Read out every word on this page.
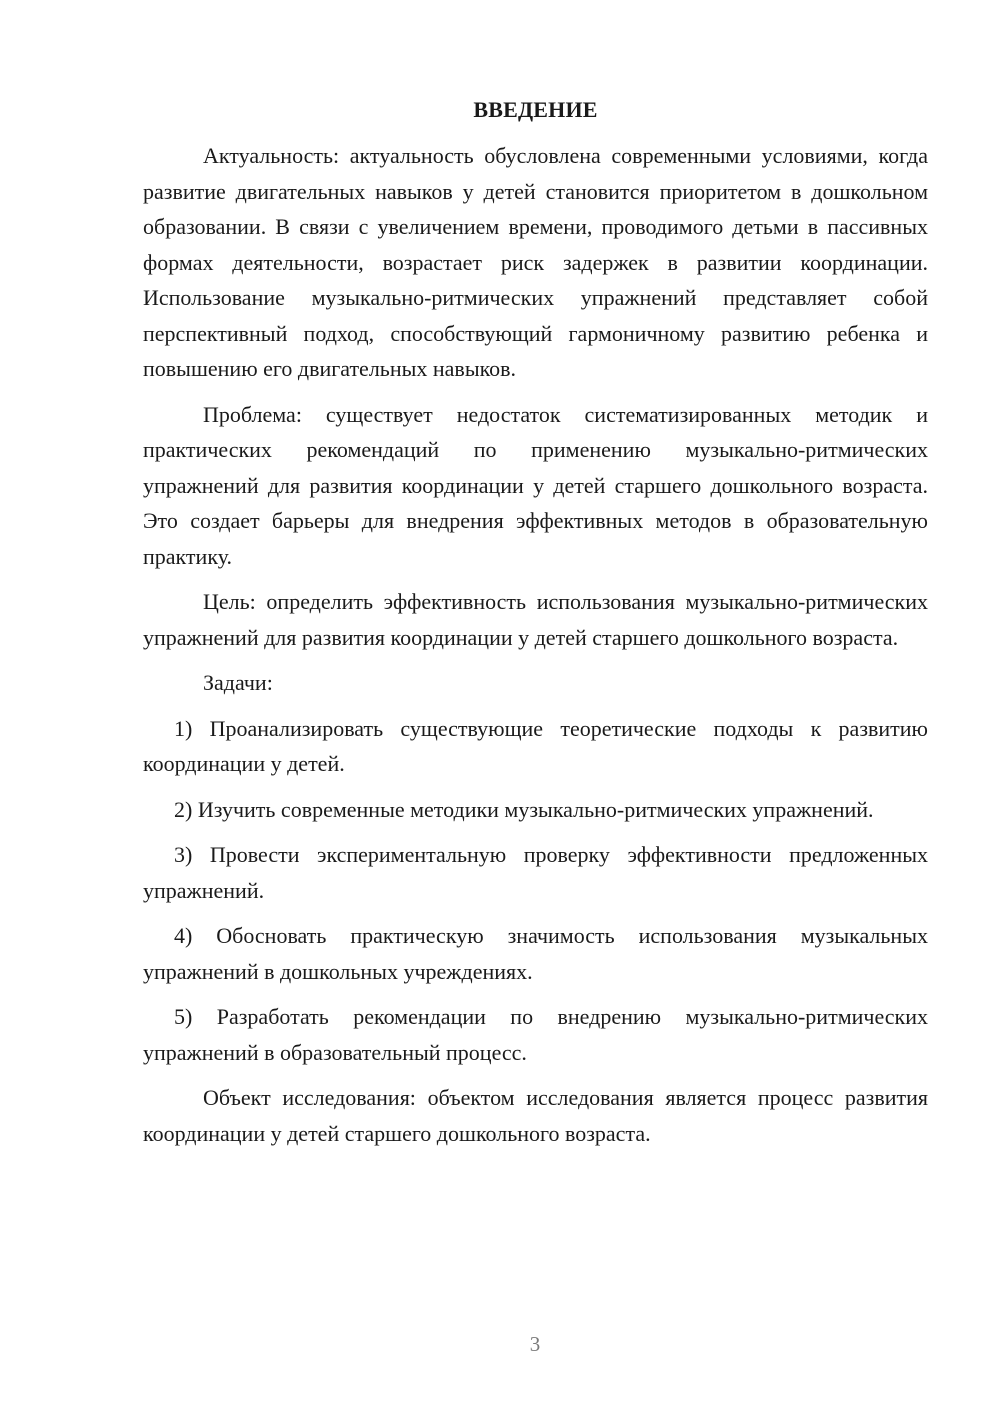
ВВЕДЕНИЕ

Актуальность: актуальность обусловлена современными условиями, когда развитие двигательных навыков у детей становится приоритетом в дошкольном образовании. В связи с увеличением времени, проводимого детьми в пассивных формах деятельности, возрастает риск задержек в развитии координации. Использование музыкально-ритмических упражнений представляет собой перспективный подход, способствующий гармоничному развитию ребенка и повышению его двигательных навыков.

Проблема: существует недостаток систематизированных методик и практических рекомендаций по применению музыкально-ритмических упражнений для развития координации у детей старшего дошкольного возраста. Это создает барьеры для внедрения эффективных методов в образовательную практику.

Цель: определить эффективность использования музыкально-ритмических упражнений для развития координации у детей старшего дошкольного возраста.

Задачи:

1) Проанализировать существующие теоретические подходы к развитию координации у детей.

2) Изучить современные методики музыкально-ритмических упражнений.

3) Провести экспериментальную проверку эффективности предложенных упражнений.

4) Обосновать практическую значимость использования музыкальных упражнений в дошкольных учреждениях.

5) Разработать рекомендации по внедрению музыкально-ритмических упражнений в образовательный процесс.

Объект исследования: объектом исследования является процесс развития координации у детей старшего дошкольного возраста.

3
